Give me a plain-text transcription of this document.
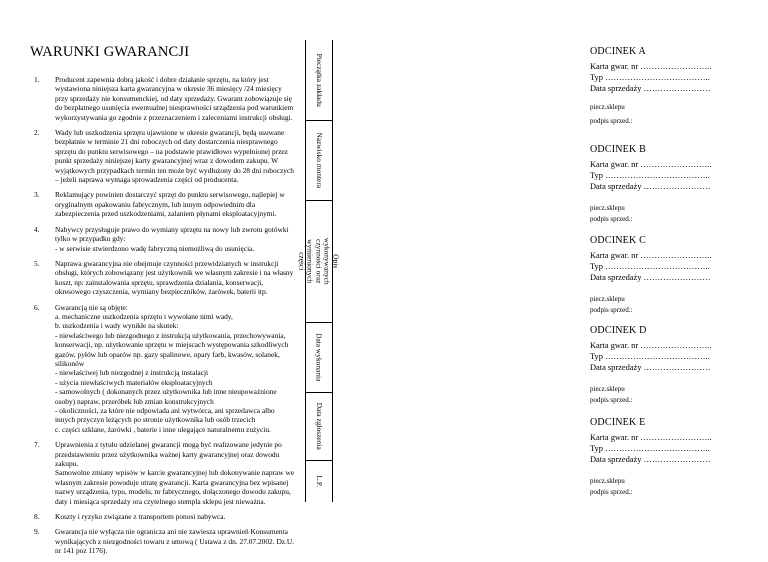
WARUNKI GWARANCJI
1. Producent zapewnia dobrą jakość i dobre działanie sprzętu, na który jest wystawiona niniejsza karta gwarancyjna w okresie 36 miesięcy /24 miesięcy przy sprzedaży nie konsumenckiej, od daty sprzedaży. Gwarant zobowiązuje się do bezpłatnego usunięcia ewentualnej niesprawności urządzenia pod warunkiem wykorzystywania go zgodnie z przeznaczeniem i zaleceniami instrukcji obsługi.
2. Wady lub uszkodzenia sprzętu ujawnione w okresie gwarancji, będą usuwane bezpłatnie w terminie 21 dni roboczych od daty dostarczenia niesprawnego sprzętu do punktu serwisowego – na podstawie prawidłowo wypełnionej przez punkt sprzedaży niniejszej karty gwarancyjnej wraz z dowodem zakupu. W wyjątkowych przypadkach termin ten może być wydłużony do 28 dni roboczych – jeżeli naprawa wymaga sprowadzenia części od producenta.
3. Reklamujący powinien dostarczyć sprzęt do punktu serwisowego, najlepiej w oryginalnym opakowaniu fabrycznym, lub innym odpowiednim dla zabezpieczenia przed uszkodzeniami, zalaniem płynami eksploatacyjnymi.
4. Nabywcy przysługuje prawo do wymiany sprzętu na nowy lub zwrotu gotówki tylko w przypadku gdy:
- w serwisie stwierdzono wadę fabryczną niemożliwą do usunięcia.
5. Naprawa gwarancyjna nie obejmuje czynności przewidzianych w instrukcji obsługi, których zobowiązany jest użytkownik we własnym zakresie i na własny koszt, np: zainstalowania sprzętu, sprawdzenia działania, konserwacji, okresowego czyszczenia, wymiany bezpieczników, żarówek, baterii itp.
6. Gwarancją nie są objęte:
a. mechaniczne uszkodzenia sprzętu i wywołane nimi wady,
b. uszkodzenia i wady wynikłe na skutek:
- niewłaściwego lub niezgodnego z instrukcją użytkowania, przechowywania, konserwacji, np. użytkowanie sprzętu w miejscach występowania szkodliwych gazów, pyłów lub oparów np. gazy spalinowe, opary farb, kwasów, solanek, silikonów
- niewłaściwej lub niezgodnej z instrukcją instalacji
- użycia niewłaściwych materiałów eksploatacyjnych
- samowolnych ( dokonanych przez użytkownika lub inne nieupoważnione osoby) napraw, przeróbek lub zmian konstrukcyjnych
- okoliczności, za które nie odpowiada ani wytwórca, ani sprzedawca albo innych przyczyn leżących po stronie użytkownika lub osób trzecich
c. części szklane, żarówki , baterie i inne ulegające naturalnemu zużyciu.
7. Uprawnienia z tytułu udzielanej gwarancji mogą być realizowane jedynie po przedstawieniu przez użytkownika ważnej karty gwarancyjnej oraz dowodu zakupu.
Samowolne zmiany wpisów w karcie gwarancyjnej lub dokonywanie napraw we własnym zakresie powoduje utratę gwarancji. Karta gwarancyjna bez wpisanej nazwy urządzenia, typu, modelu, nr fabrycznego, dołączonego dowodu zakupu, daty i miesiąca sprzedaży ora czytelnego stempla sklepu jest nieważna.
8. Koszty i ryzyko związane z transportem ponosi nabywca.
9. Gwarancja nie wyłącza nie ogranicza ani nie zawiesza uprawnień Konsumenta wynikających z niezgodności towaru z umową ( Ustawa z dn. 27.07.2002. Dz.U. nr 141 poz 1176).
Pieczątka zakładu
Nazwisko montera
Opis wykonywanych czynności oraz
wymienionych części
Data wykonania
Data zgłoszenia
L.P.
ODCINEK A
Karta gwar. nr ……………………..
Typ ………………………………..
Data sprzedaży ……………………
piecz.sklepu
podpis sprzed.:
ODCINEK B
Karta gwar. nr ……………………..
Typ ………………………………..
Data sprzedaży ……………………
piecz.sklepu
podpis sprzed.:
ODCINEK C
Karta gwar. nr ……………………..
Typ ………………………………..
Data sprzedaży ……………………
piecz.sklepu
podpis sprzed.:
ODCINEK D
Karta gwar. nr ……………………..
Typ ………………………………..
Data sprzedaży ……………………
piecz.sklepu
podpis sprzed.:
ODCINEK E
Karta gwar. nr ……………………..
Typ ………………………………..
Data sprzedaży ……………………
piecz.sklepu
podpis sprzed.:
